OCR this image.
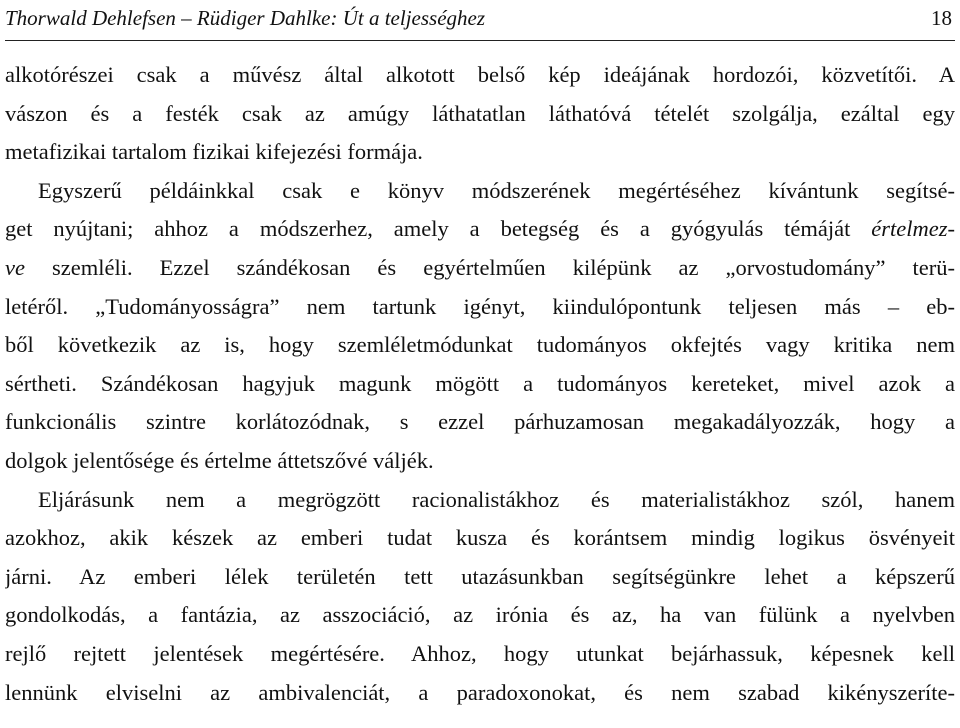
Thorwald Dehlefsen – Rüdiger Dahlke: Út a teljességhez	18
alkotórészei csak a művész által alkotott belső kép ideájának hordozói, közvetítői. A
vászon és a festék csak az amúgy láthatatlan láthatóvá tételét szolgálja, ezáltal egy
metafizikai tartalom fizikai kifejezési formája.
Egyszerű példáinkkal csak e könyv módszerének megértéséhez kívántunk segítsé-
get nyújtani; ahhoz a módszerhez, amely a betegség és a gyógyulás témáját értelmez-
ve szemléli. Ezzel szándékosan és egyértelműen kilépünk az „orvostudomány” terü-
letéről. „Tudományosságra” nem tartunk igényt, kiindulópontunk teljesen más – eb-
ből következik az is, hogy szemléletmódunkat tudományos okfejtés vagy kritika nem
sértheti. Szándékosan hagyjuk magunk mögött a tudományos kereteket, mivel azok a
funkcionális szintre korlátozódnak, s ezzel párhuzamosan megakadályozzák, hogy a
dolgok jelentősége és értelme áttetszővé váljék.
Eljárásunk nem a megrögzött racionalistákhoz és materialistákhoz szól, hanem
azokhoz, akik készek az emberi tudat kusza és korántsem mindig logikus ösvényeit
járni. Az emberi lélek területén tett utazásunkban segítségünkre lehet a képszerű
gondolkodás, a fantázia, az asszociáció, az irónia és az, ha van fülünk a nyelvben
rejlő rejtett jelentések megértésére. Ahhoz, hogy utunkat bejárhassuk, képesnek kell
lennünk elviselni az ambivalenciát, a paradoxonokat, és nem szabad kikényszeríte-
